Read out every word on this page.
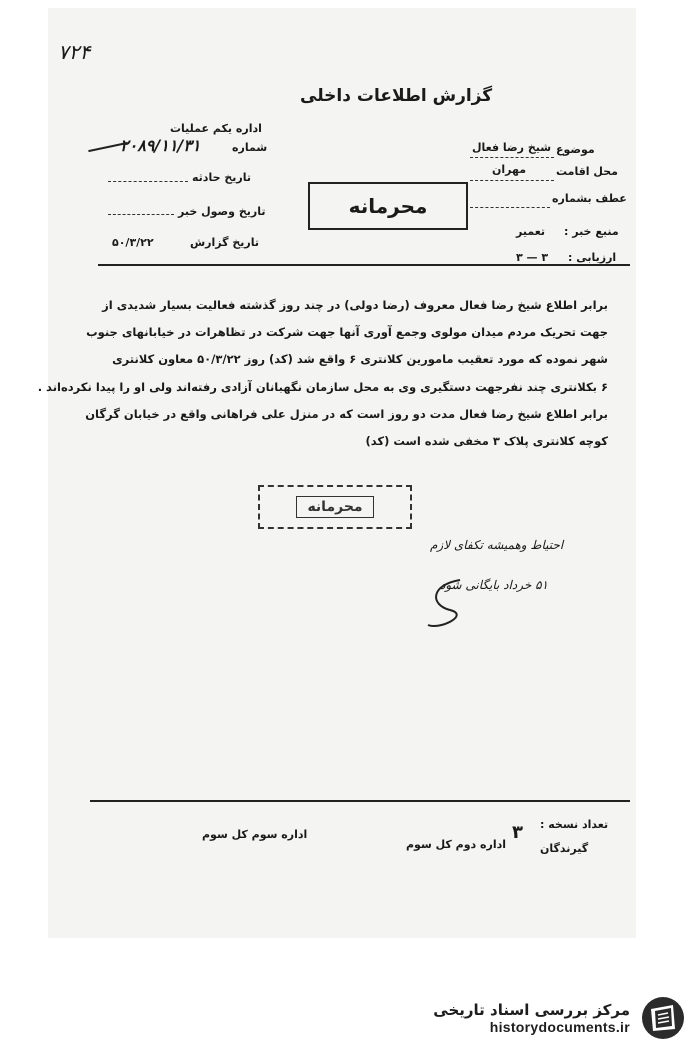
۷۲۴
گزارش اطلاعات داخلی
موضوع
شیخ رضا فعال
محل اقامت
مهران
عطف بشماره
منبع خبر :
تعمیر
ارزیابی :
۳ — ۳
محرمانه
اداره یکم عملیات
شماره
۲۰۸۹/۱۱/۳۱
تاریخ حادثه
تاریخ وصول خبر
تاریخ گزارش
۵۰/۳/۲۲
برابر اطلاع شیخ رضا فعال معروف (رضا دولی) در چند روز گذشته فعالیت بسیار شدیدی از
جهت تحریک مردم میدان مولوی وجمع آوری آنها جهت شرکت در تظاهرات در خیابانهای جنوب
شهر نموده که مورد تعقیب مامورین کلانتری ۶ واقع شد (کد) روز ۵۰/۳/۲۲ معاون کلانتری
۶ بکلانتری چند نفرجهت دستگیری وی به محل سازمان نگهبانان آزادی رفته‌اند ولی او را پیدا نکرده‌اند .
برابر اطلاع شیخ رضا فعال مدت دو روز است که در منزل علی فراهانی واقع در خیابان گرگان
کوچه کلانتری پلاک ۳ مخفی شده است (کد)
محرمانه
احتیاط وهمیشه تکفای لازم
۵۱ خرداد بایگانی شود
تعداد نسخه :
۳
گیرندگان
اداره دوم کل سوم
اداره سوم کل سوم
مرکز بررسی اسناد تاریخی
historydocuments.ir
